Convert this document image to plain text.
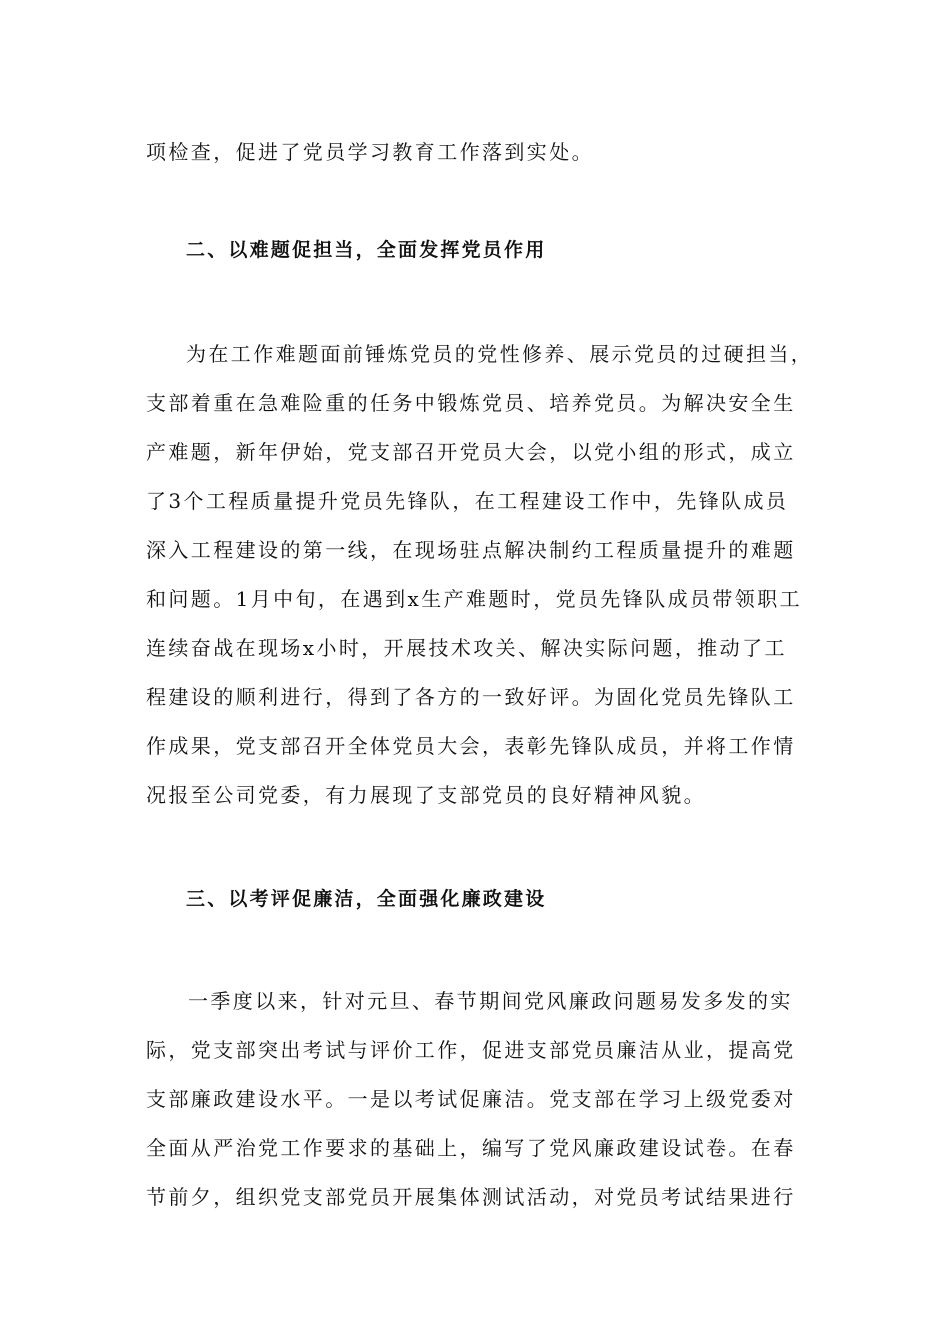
项检查，促进了党员学习教育工作落到实处。
二、以难题促担当，全面发挥党员作用
为在工作难题面前锤炼党员的党性修养、展示党员的过硬担当，
支部着重在急难险重的任务中锻炼党员、培养党员。为解决安全生
产难题，新年伊始，党支部召开党员大会，以党小组的形式，成立
了3个工程质量提升党员先锋队，在工程建设工作中，先锋队成员
深入工程建设的第一线，在现场驻点解决制约工程质量提升的难题
和问题。1月中旬，在遇到x生产难题时，党员先锋队成员带领职工
连续奋战在现场x小时，开展技术攻关、解决实际问题，推动了工
程建设的顺利进行，得到了各方的一致好评。为固化党员先锋队工
作成果，党支部召开全体党员大会，表彰先锋队成员，并将工作情
况报至公司党委，有力展现了支部党员的良好精神风貌。
三、以考评促廉洁，全面强化廉政建设
一季度以来，针对元旦、春节期间党风廉政问题易发多发的实
际，党支部突出考试与评价工作，促进支部党员廉洁从业，提高党
支部廉政建设水平。一是以考试促廉洁。党支部在学习上级党委对
全面从严治党工作要求的基础上，编写了党风廉政建设试卷。在春
节前夕，组织党支部党员开展集体测试活动，对党员考试结果进行
